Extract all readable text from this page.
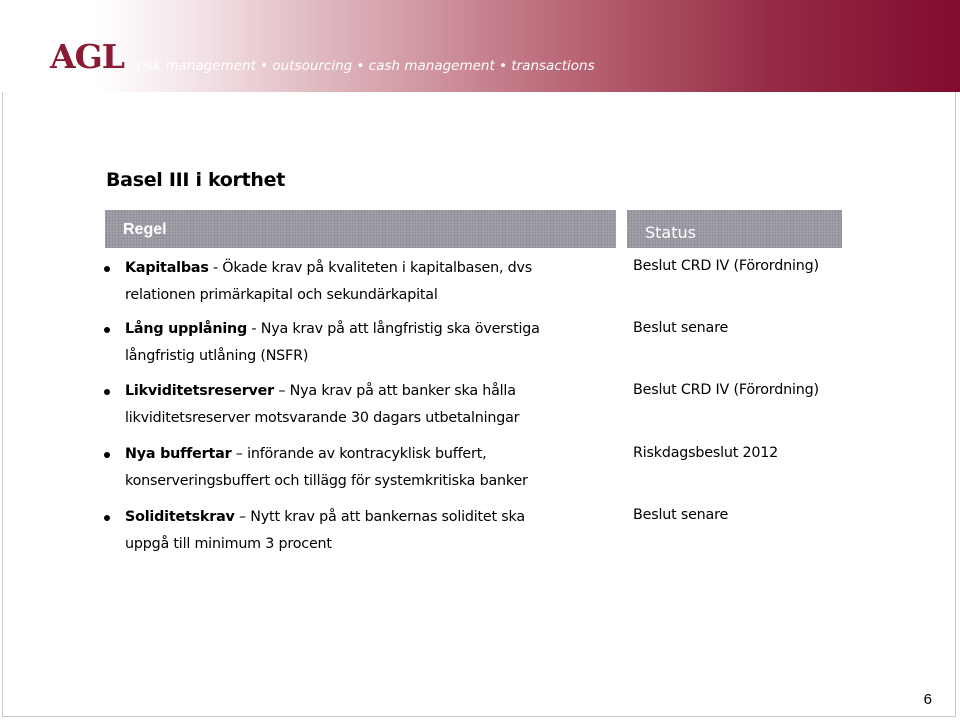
AGL risk management • outsourcing • cash management • transactions
Basel III i korthet
Regel	Status
Kapitalbas - Ökade krav på kvaliteten i kapitalbasen, dvs
relationen primärkapital och sekundärkapital
Lång upplåning - Nya krav på att långfristig ska överstiga
långfristig utlåning (NSFR)
Likviditetsreserver – Nya krav på att banker ska hålla
likviditetsreserver motsvarande 30 dagars utbetalningar
Nya buffertar – införande av kontracyklisk buffert,
konserveringsbuffert och tillägg för systemkritiska banker
Soliditetskrav – Nytt krav på att bankernas soliditet ska
uppgå till minimum 3 procent
Beslut CRD IV (Förordning)
Beslut senare
Beslut CRD IV (Förordning)
Riskdagsbeslut 2012
Beslut senare
6
